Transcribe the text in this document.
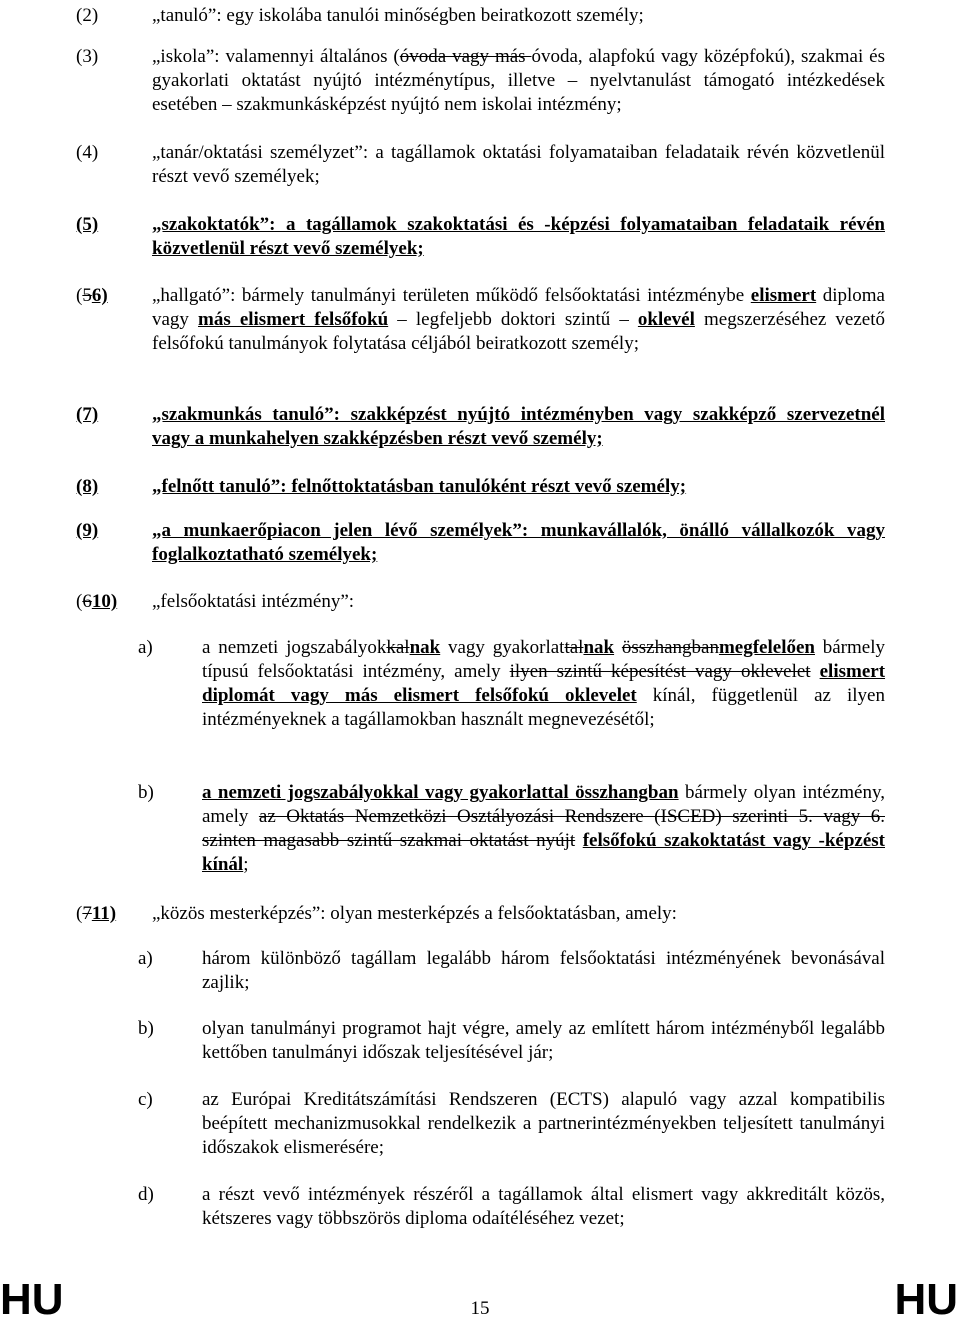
(2)	„tanuló”: egy iskolába tanulói minőségben beiratkozott személy;
(3)	„iskola”: valamennyi általános (óvoda vagy más óvoda, alapfokú vagy középfokú), szakmai és gyakorlati oktatást nyújtó intézménytípus, illetve – nyelvtanulást támogató intézkedések esetében – szakmunkásképzést nyújtó nem iskolai intézmény;
(4)	„tanár/oktatási személyzet”: a tagállamok oktatási folyamataiban feladataik révén közvetlenül részt vevő személyek;
(5)	„szakoktatók”: a tagállamok szakoktatási és -képzési folyamataiban feladataik révén közvetlenül részt vevő személyek;
(56) „hallgató”: bármely tanulmányi területen működő felsőoktatási intézménybe elismert diploma vagy más elismert felsőfokú – legfeljebb doktori szintű – oklevél megszerzéséhez vezető felsőfokú tanulmányok folytatása céljából beiratkozott személy;
(7)	„szakmunkás tanuló”: szakképzést nyújtó intézményben vagy szakképző szervezetnél vagy a munkahelyen szakképzésben részt vevő személy;
(8)	„felnőtt tanuló”: felnőttoktatásban tanulóként részt vevő személy;
(9)	„a munkaerőpiacon jelen lévő személyek”: munkavállalók, önálló vállalkozók vagy foglalkoztatható személyek;
(610) „felsőoktatási intézmény”:
a)	a nemzeti jogszabályokkalnak vagy gyakorlattalnak összhangbanmegfelelően bármely típusú felsőoktatási intézmény, amely ilyen szintű képesítést vagy oklevelet elismert diplomát vagy más elismert felsőfokú oklevelet kínál, függetlenül az ilyen intézményeknek a tagállamokban használt megnevezésétől;
b)	a nemzeti jogszabályokkal vagy gyakorlattal összhangban bármely olyan intézmény, amely az Oktatás Nemzetközi Osztályozási Rendszere (ISCED) szerinti 5. vagy 6. szinten magasabb szintű szakmai oktatást nyújt felsőfokú szakoktatást vagy -képzést kínál;
(711) „közös mesterképzés”: olyan mesterképzés a felsőoktatásban, amely:
a)	három különböző tagállam legalább három felsőoktatási intézményének bevonásával zajlik;
b)	olyan tanulmányi programot hajt végre, amely az említett három intézményből legalább kettőben tanulmányi időszak teljesítésével jár;
c)	az Európai Kreditátszámítási Rendszeren (ECTS) alapuló vagy azzal kompatibilis beépített mechanizmusokkal rendelkezik a partnerintézményekben teljesített tanulmányi időszakok elismerésére;
d)	a részt vevő intézmények részéről a tagállamok által elismert vagy akkreditált közös, kétszeres vagy többszörös diploma odaítéléséhez vezet;
HU	15	HU
